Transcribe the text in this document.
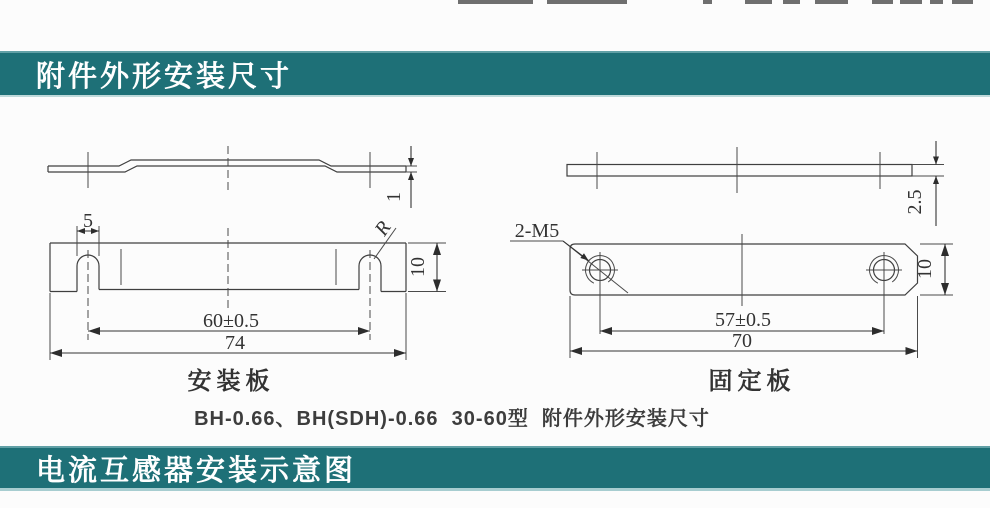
附件外形安装尺寸
电流互感器安装示意图
BH-0.66、BH(SDH)-0.66  30-60型  附件外形安装尺寸
1
5	R
10
60±0.5
74
安装板
2.5
2-M5
10
57±0.5
70
固定板
